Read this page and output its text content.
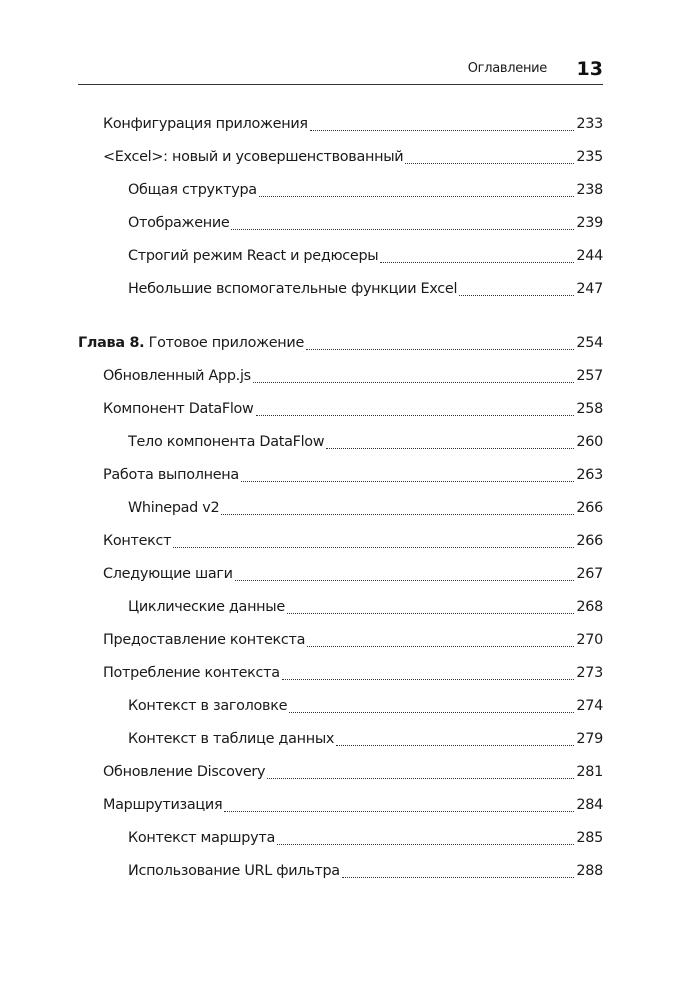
Оглавление 13
Конфигурация приложения	233
<Excel>: новый и усовершенствованный	235
Общая структура	238
Отображение	239
Строгий режим React и редюсеры	244
Небольшие вспомогательные функции Excel	247
Глава 8. Готовое приложение	254
Обновленный App.js	257
Компонент DataFlow	258
Тело компонента DataFlow	260
Работа выполнена	263
Whinepad v2	266
Контекст	266
Следующие шаги	267
Циклические данные	268
Предоставление контекста	270
Потребление контекста	273
Контекст в заголовке	274
Контекст в таблице данных	279
Обновление Discovery	281
Маршрутизация	284
Контекст маршрута	285
Использование URL фильтра	288
